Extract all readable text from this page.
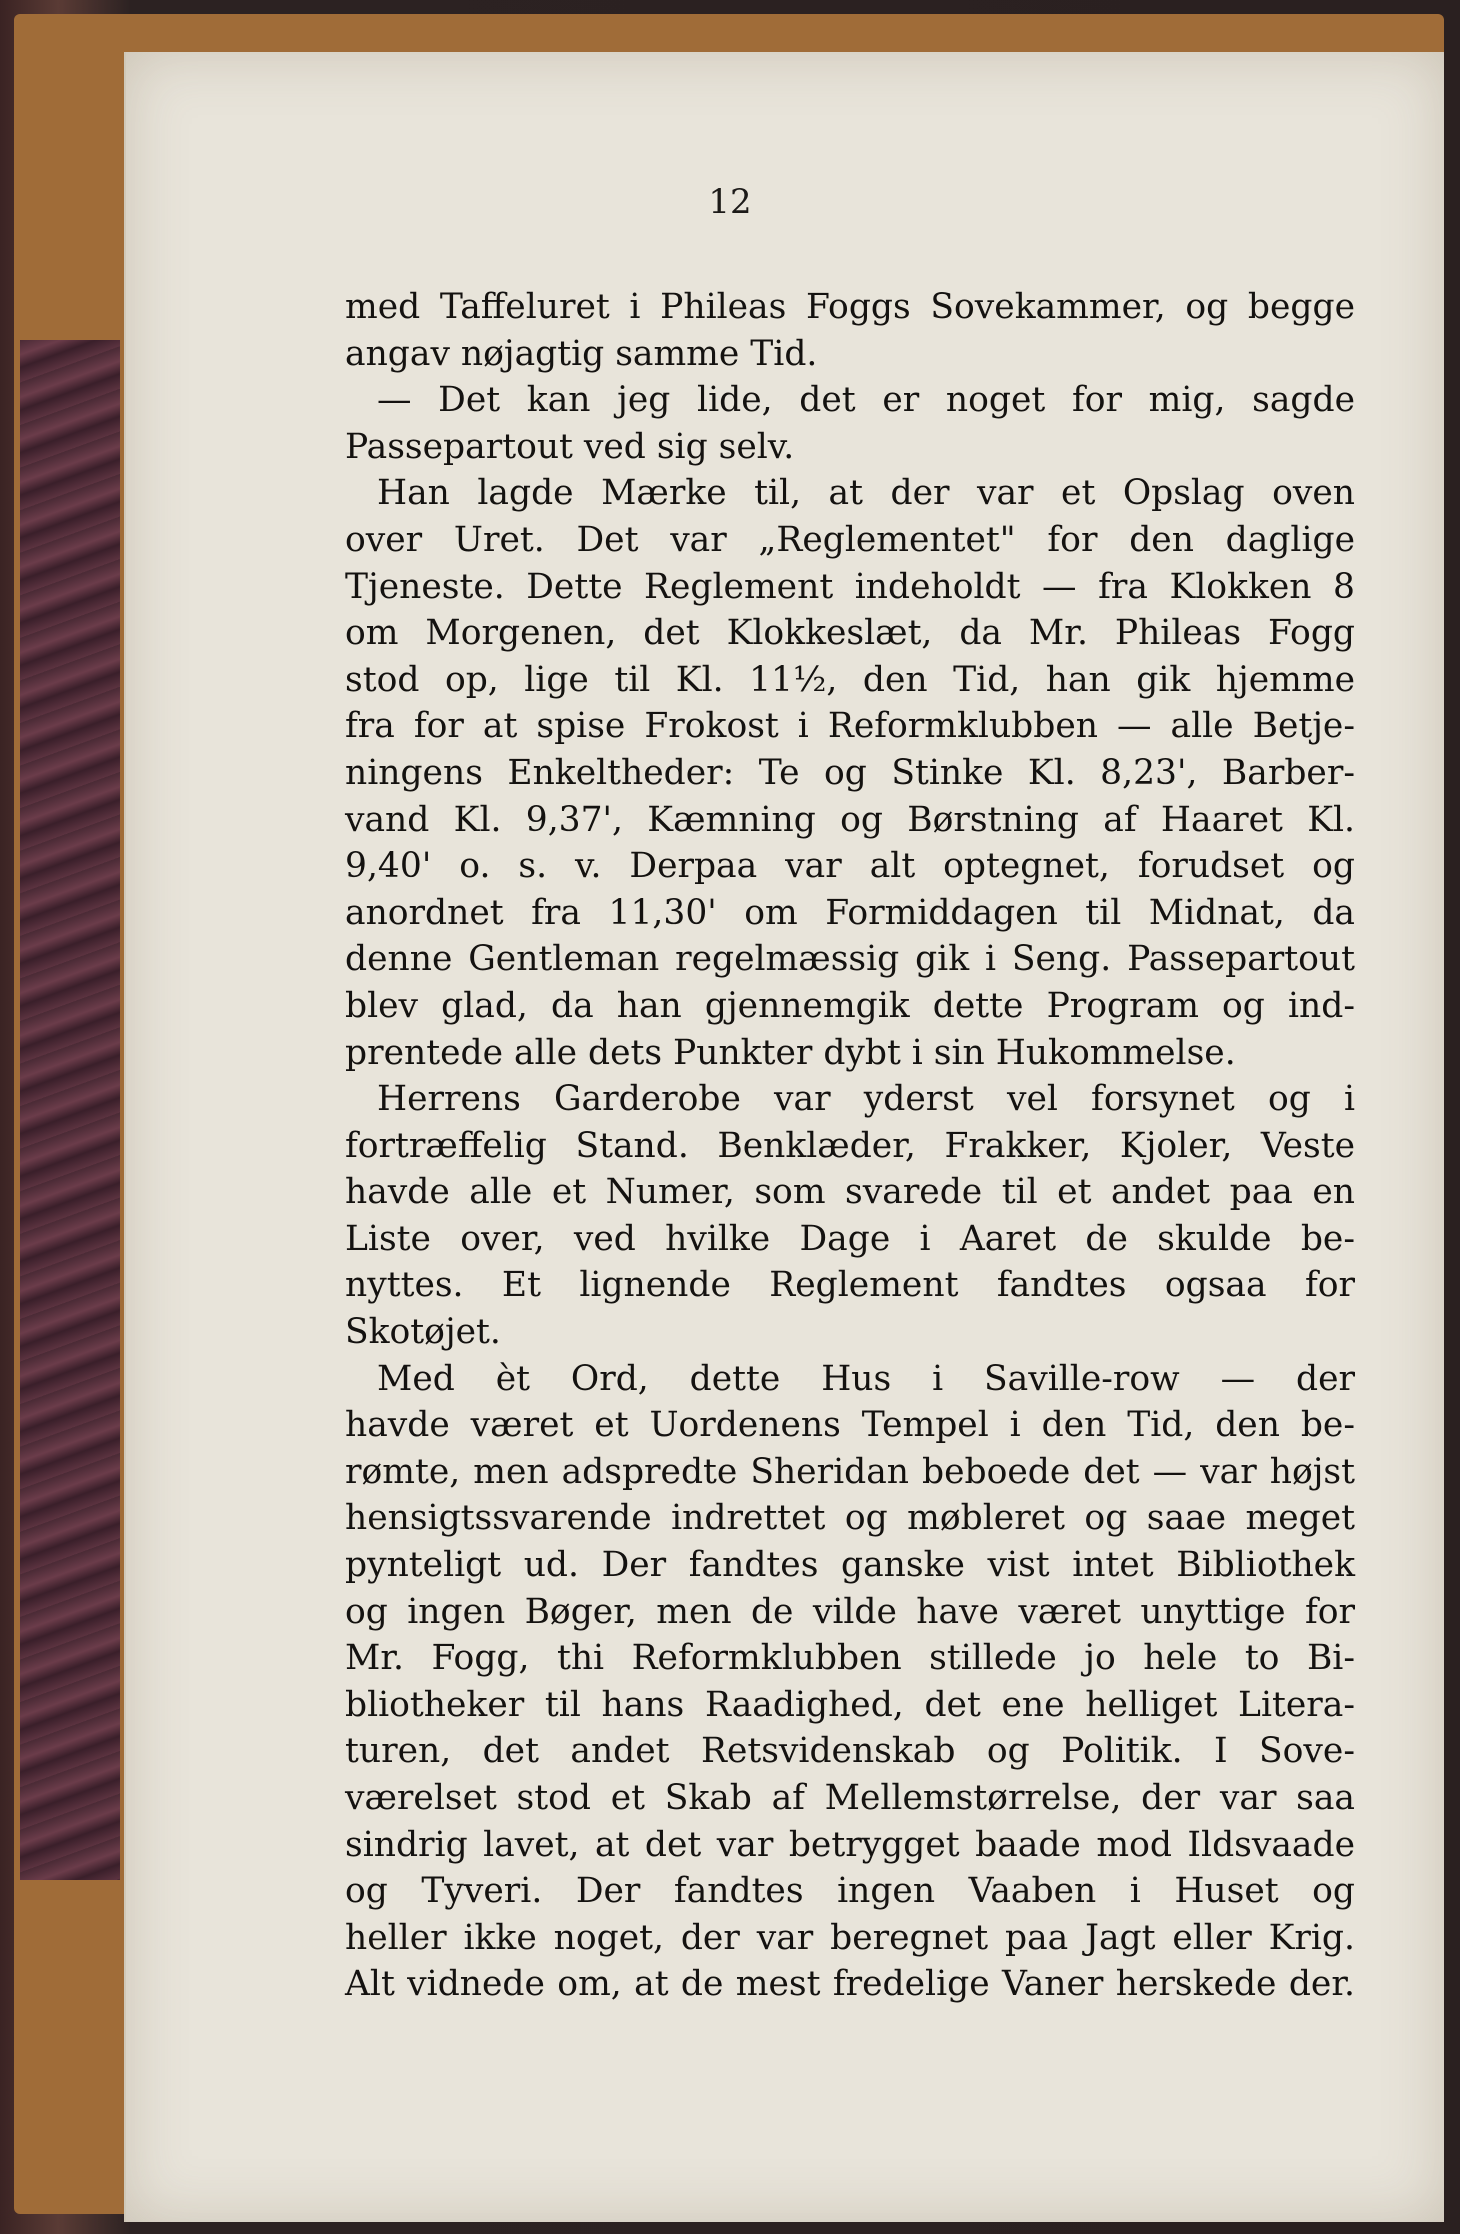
12
med Taffeluret i Phileas Foggs Sovekammer, og begge
angav nøjagtig samme Tid.
— Det kan jeg lide, det er noget for mig, sagde
Passepartout ved sig selv.
Han lagde Mærke til, at der var et Opslag oven
over Uret. Det var „Reglementet" for den daglige
Tjeneste. Dette Reglement indeholdt — fra Klokken 8
om Morgenen, det Klokkeslæt, da Mr. Phileas Fogg
stod op, lige til Kl. 11½, den Tid, han gik hjemme
fra for at spise Frokost i Reformklubben — alle Betje-
ningens Enkeltheder: Te og Stinke Kl. 8,23', Barber-
vand Kl. 9,37', Kæmning og Børstning af Haaret Kl.
9,40' o. s. v. Derpaa var alt optegnet, forudset og
anordnet fra 11,30' om Formiddagen til Midnat, da
denne Gentleman regelmæssig gik i Seng. Passepartout
blev glad, da han gjennemgik dette Program og ind-
prentede alle dets Punkter dybt i sin Hukommelse.
Herrens Garderobe var yderst vel forsynet og i
fortræffelig Stand. Benklæder, Frakker, Kjoler, Veste
havde alle et Numer, som svarede til et andet paa en
Liste over, ved hvilke Dage i Aaret de skulde be-
nyttes. Et lignende Reglement fandtes ogsaa for
Skotøjet.
Med èt Ord, dette Hus i Saville-row — der
havde været et Uordenens Tempel i den Tid, den be-
rømte, men adspredte Sheridan beboede det — var højst
hensigtssvarende indrettet og møbleret og saae meget
pynteligt ud. Der fandtes ganske vist intet Bibliothek
og ingen Bøger, men de vilde have været unyttige for
Mr. Fogg, thi Reformklubben stillede jo hele to Bi-
bliotheker til hans Raadighed, det ene helliget Litera-
turen, det andet Retsvidenskab og Politik. I Sove-
værelset stod et Skab af Mellemstørrelse, der var saa
sindrig lavet, at det var betrygget baade mod Ildsvaade
og Tyveri. Der fandtes ingen Vaaben i Huset og
heller ikke noget, der var beregnet paa Jagt eller Krig.
Alt vidnede om, at de mest fredelige Vaner herskede der.
